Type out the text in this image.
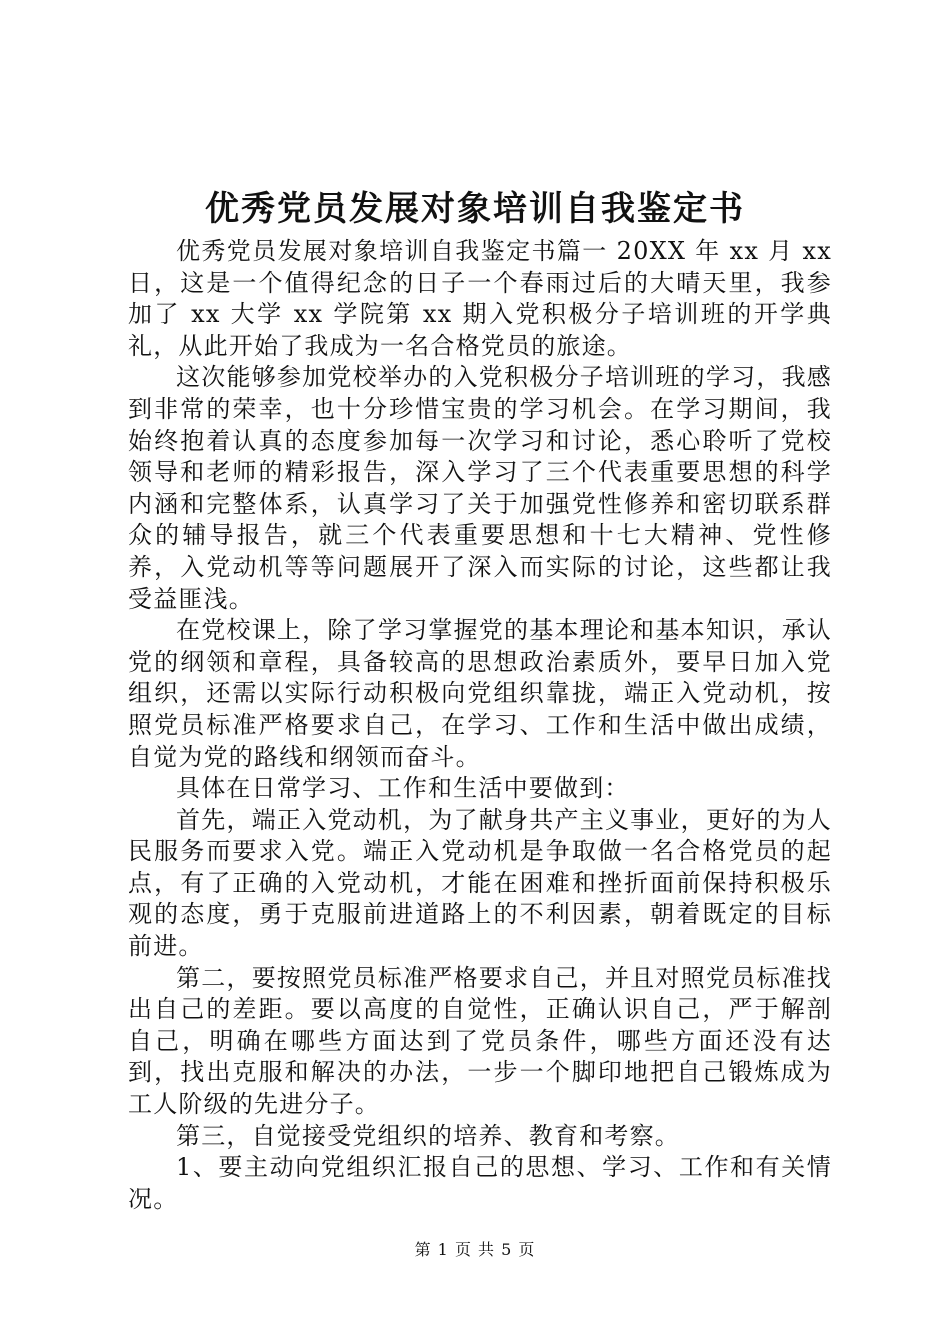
优秀党员发展对象培训自我鉴定书

优秀党员发展对象培训自我鉴定书篇一 20XX 年 xx 月 xx 日，这是一个值得纪念的日子一个春雨过后的大晴天里，我参加了 xx 大学 xx 学院第 xx 期入党积极分子培训班的开学典礼，从此开始了我成为一名合格党员的旅途。

这次能够参加党校举办的入党积极分子培训班的学习，我感到非常的荣幸，也十分珍惜宝贵的学习机会。在学习期间，我始终抱着认真的态度参加每一次学习和讨论，悉心聆听了党校领导和老师的精彩报告，深入学习了三个代表重要思想的科学内涵和完整体系，认真学习了关于加强党性修养和密切联系群众的辅导报告，就三个代表重要思想和十七大精神、党性修养，入党动机等等问题展开了深入而实际的讨论，这些都让我受益匪浅。

在党校课上，除了学习掌握党的基本理论和基本知识，承认党的纲领和章程，具备较高的思想政治素质外，要早日加入党组织，还需以实际行动积极向党组织靠拢，端正入党动机，按照党员标准严格要求自己，在学习、工作和生活中做出成绩，自觉为党的路线和纲领而奋斗。

具体在日常学习、工作和生活中要做到：

首先，端正入党动机，为了献身共产主义事业，更好的为人民服务而要求入党。端正入党动机是争取做一名合格党员的起点，有了正确的入党动机，才能在困难和挫折面前保持积极乐观的态度，勇于克服前进道路上的不利因素，朝着既定的目标前进。

第二，要按照党员标准严格要求自己，并且对照党员标准找出自己的差距。要以高度的自觉性，正确认识自己，严于解剖自己，明确在哪些方面达到了党员条件，哪些方面还没有达到，找出克服和解决的办法，一步一个脚印地把自己锻炼成为工人阶级的先进分子。

第三，自觉接受党组织的培养、教育和考察。

1、要主动向党组织汇报自己的思想、学习、工作和有关情况。

第 1 页 共 5 页
